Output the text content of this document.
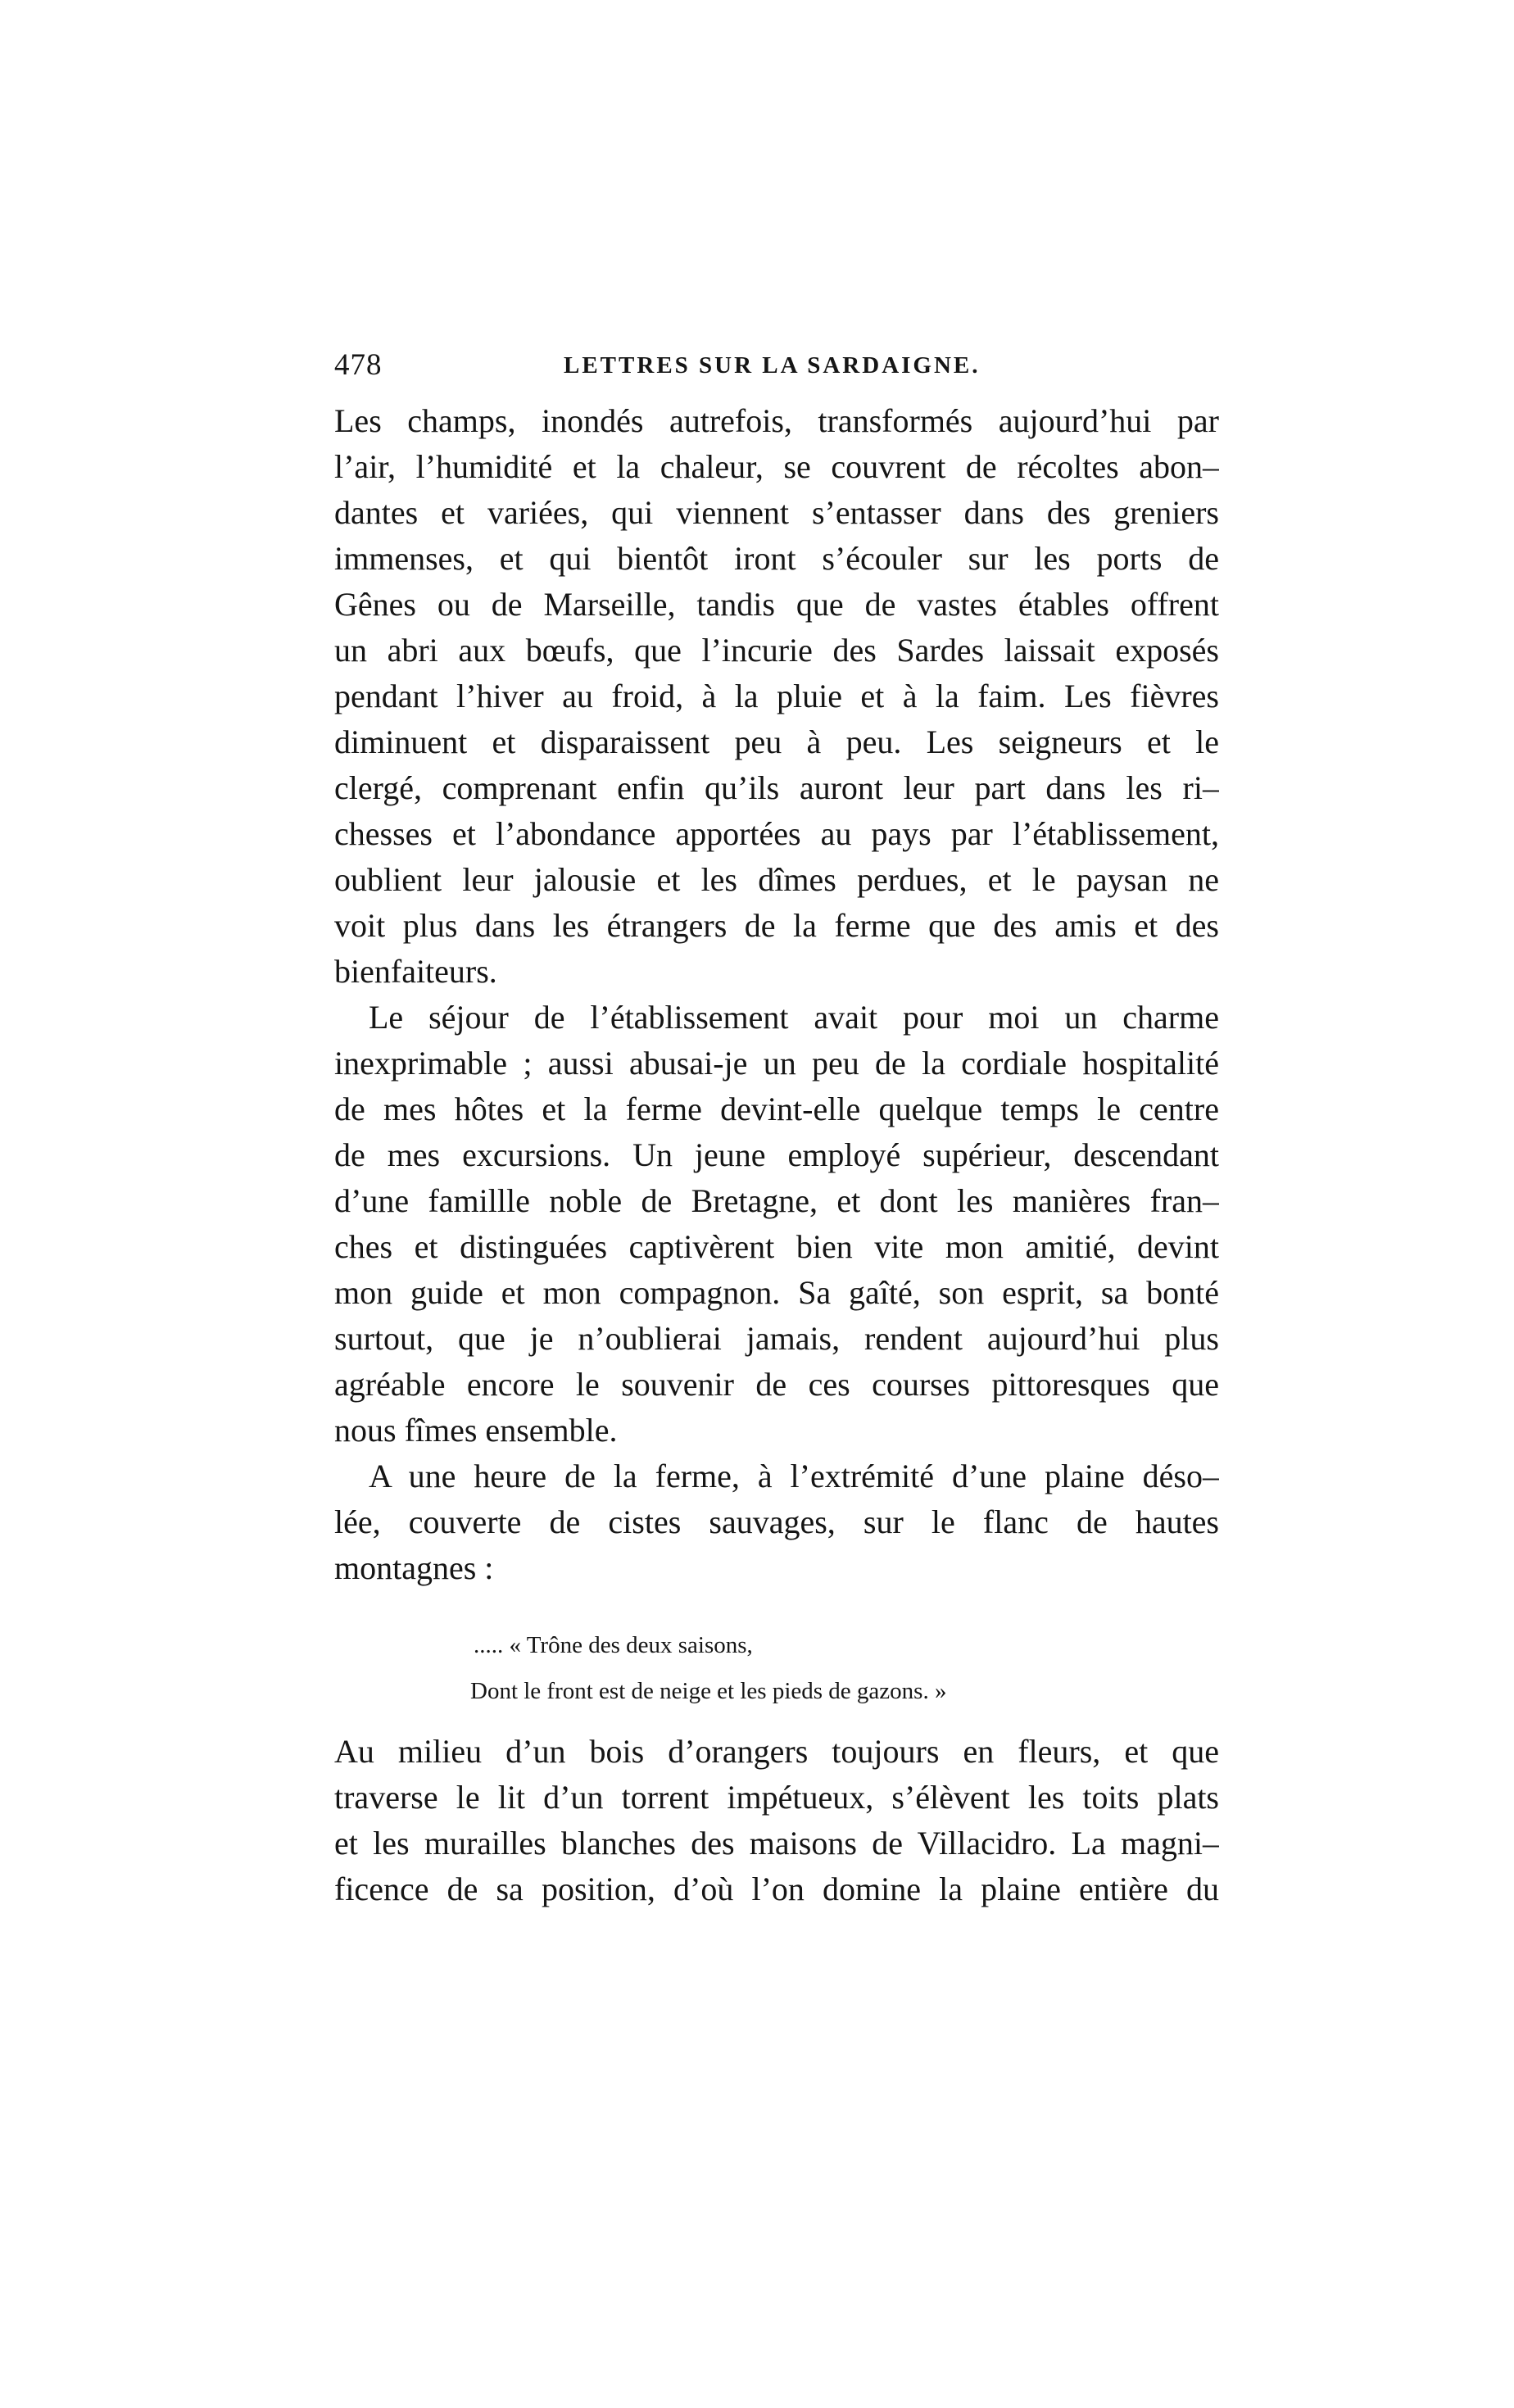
478	LETTRES SUR LA SARDAIGNE.
Les champs, inondés autrefois, transformés aujourd’hui par
l’air, l’humidité et la chaleur, se couvrent de récoltes abon–
dantes et variées, qui viennent s’entasser dans des greniers
immenses, et qui bientôt iront s’écouler sur les ports de
Gênes ou de Marseille, tandis que de vastes étables offrent
un abri aux bœufs, que l’incurie des Sardes laissait exposés
pendant l’hiver au froid, à la pluie et à la faim. Les fièvres
diminuent et disparaissent peu à peu. Les seigneurs et le
clergé, comprenant enfin qu’ils auront leur part dans les ri–
chesses et l’abondance apportées au pays par l’établissement,
oublient leur jalousie et les dîmes perdues, et le paysan ne
voit plus dans les étrangers de la ferme que des amis et des
bienfaiteurs.
Le séjour de l’établissement avait pour moi un charme
inexprimable ; aussi abusai-je un peu de la cordiale hospitalité
de mes hôtes et la ferme devint-elle quelque temps le centre
de mes excursions. Un jeune employé supérieur, descendant
d’une famillle noble de Bretagne, et dont les manières fran–
ches et distinguées captivèrent bien vite mon amitié, devint
mon guide et mon compagnon. Sa gaîté, son esprit, sa bonté
surtout, que je n’oublierai jamais, rendent aujourd’hui plus
agréable encore le souvenir de ces courses pittoresques que
nous fîmes ensemble.
A une heure de la ferme, à l’extrémité d’une plaine déso–
lée, couverte de cistes sauvages, sur le flanc de hautes
montagnes :
..... « Trône des deux saisons,
Dont le front est de neige et les pieds de gazons. »
Au milieu d’un bois d’orangers toujours en fleurs, et que
traverse le lit d’un torrent impétueux, s’élèvent les toits plats
et les murailles blanches des maisons de Villacidro. La magni–
ficence de sa position, d’où l’on domine la plaine entière du
